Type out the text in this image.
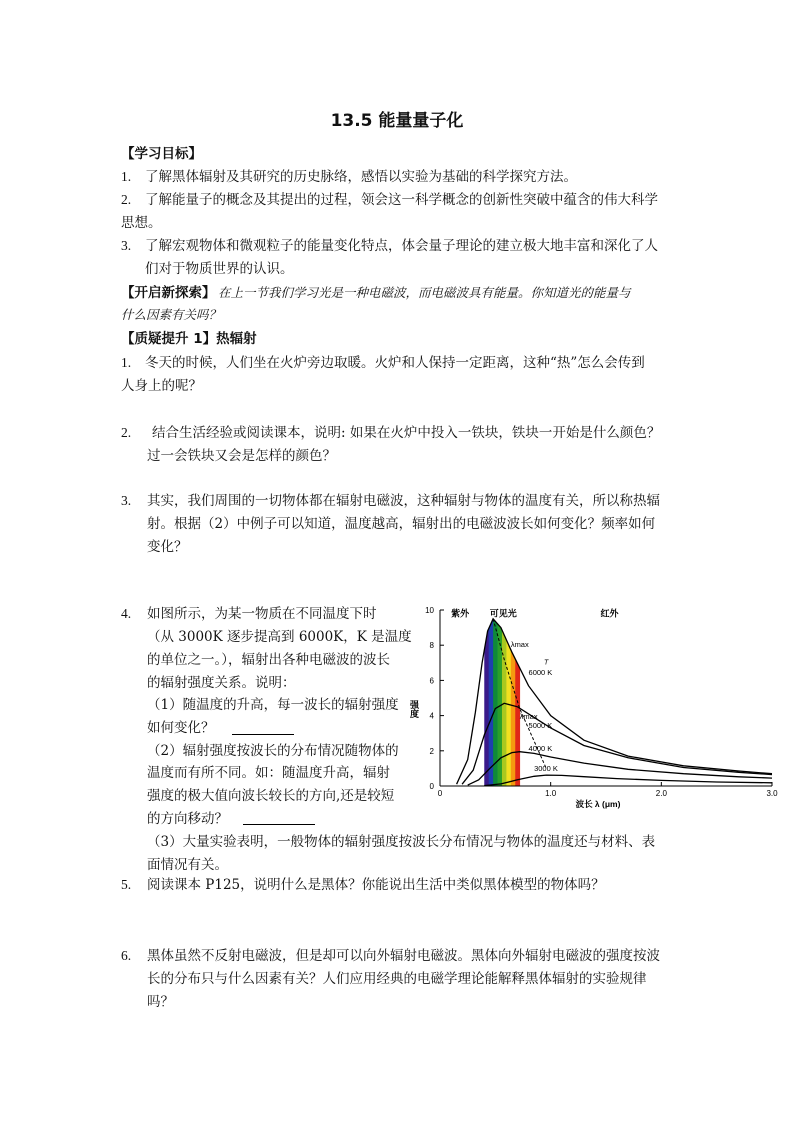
13.5 能量量子化
【学习目标】
1. 了解黑体辐射及其研究的历史脉络，感悟以实验为基础的科学探究方法。
2. 了解能量子的概念及其提出的过程，领会这一科学概念的创新性突破中蕴含的伟大科学
思想。
3. 了解宏观物体和微观粒子的能量变化特点，体会量子理论的建立极大地丰富和深化了人
们对于物质世界的认识。
【开启新探索】 在上一节我们学习光是一种电磁波，而电磁波具有能量。你知道光的能量与
什么因素有关吗？
【质疑提升 1】热辐射
1. 冬天的时候，人们坐在火炉旁边取暖。火炉和人保持一定距离，这种“热”怎么会传到
人身上的呢？
2. 结合生活经验或阅读课本，说明: 如果在火炉中投入一铁块，铁块一开始是什么颜色？
过一会铁块又会是怎样的颜色？
3. 其实，我们周围的一切物体都在辐射电磁波，这种辐射与物体的温度有关，所以称热辐
射。根据（2）中例子可以知道，温度越高，辐射出的电磁波波长如何变化？频率如何
变化？
4. 如图所示，为某一物质在不同温度下时
（从 3000K 逐步提高到 6000K，K 是温度
的单位之一。），辐射出各种电磁波的波长
的辐射强度关系。说明：
（1）随温度的升高，每一波长的辐射强度
如何变化？
（2）辐射强度按波长的分布情况随物体的
温度而有所不同。如：随温度升高，辐射
强度的极大值向波长较长的方向,还是较短
的方向移动？
（3）大量实验表明，一般物体的辐射强度按波长分布情况与物体的温度还与材料、表
面情况有关。
0
2
4
6
8
10
0	1.0	2.0	3.0
波长 λ (μm)
强度
6000 K
5000 K
4000 K
3000 K
T
λmax
λmax
紫外 可见光	红外
5. 阅读课本 P125，说明什么是黑体？你能说出生活中类似黑体模型的物体吗？
6. 黑体虽然不反射电磁波，但是却可以向外辐射电磁波。黑体向外辐射电磁波的强度按波
长的分布只与什么因素有关？人们应用经典的电磁学理论能解释黑体辐射的实验规律
吗？
